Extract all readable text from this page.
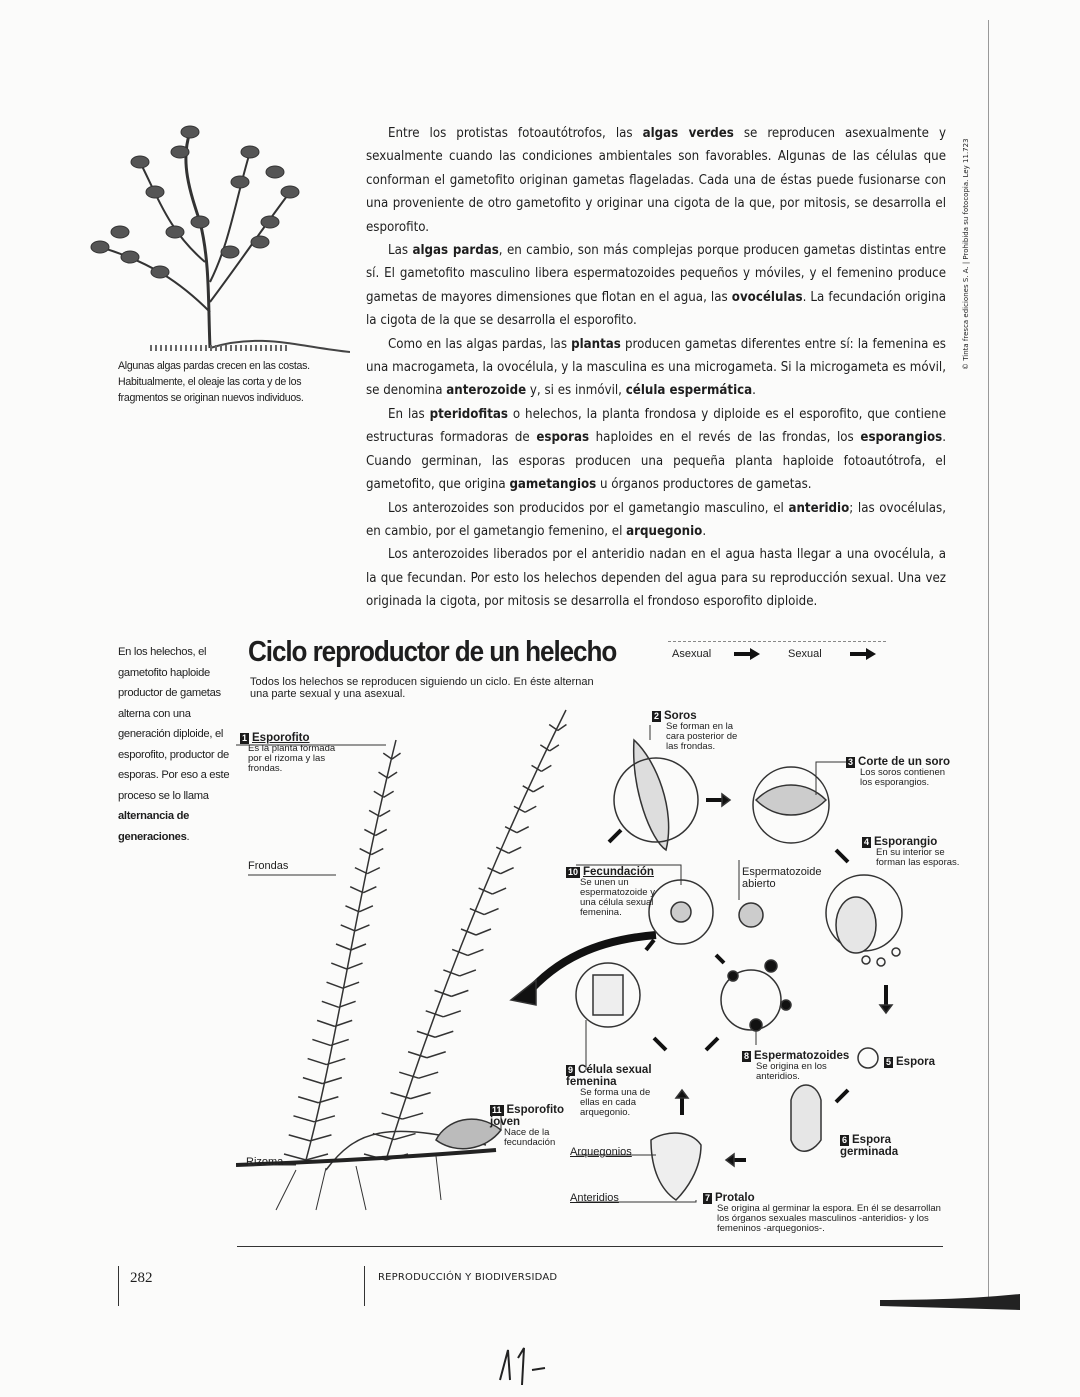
Entre los protistas fotoautótrofos, las algas verdes se reproducen asexualmente y sexualmente cuando las condiciones ambientales son favorables. Algunas de las células que conforman el gametofito originan gametas flageladas. Cada una de éstas puede fusionarse con una proveniente de otro gametofito y originar una cigota de la que, por mitosis, se desarrolla el esporofito.

Las algas pardas, en cambio, son más complejas porque producen gametas distintas entre sí. El gametofito masculino libera espermatozoides pequeños y móviles, y el femenino produce gametas de mayores dimensiones que flotan en el agua, las ovocélulas. La fecundación origina la cigota de la que se desarrolla el esporofito.

Como en las algas pardas, las plantas producen gametas diferentes entre sí: la femenina es una macrogameta, la ovocélula, y la masculina es una microgameta. Si la microgameta es móvil, se denomina anterozoide y, si es inmóvil, célula espermática.

En las pteridofitas o helechos, la planta frondosa y diploide es el esporofito, que contiene estructuras formadoras de esporas haploides en el revés de las frondas, los esporangios. Cuando germinan, las esporas producen una pequeña planta haploide fotoautótrofa, el gametofito, que origina gametangios u órganos productores de gametas.

Los anterozoides son producidos por el gametangio masculino, el anteridio; las ovocélulas, en cambio, por el gametangio femenino, el arquegonio.

Los anterozoides liberados por el anteridio nadan en el agua hasta llegar a una ovocélula, a la que fecundan. Por esto los helechos dependen del agua para su reproducción sexual. Una vez originada la cigota, por mitosis se desarrolla el frondoso esporofito diploide.

Algunas algas pardas crecen en las costas. Habitualmente, el oleaje las corta y de los fragmentos se originan nuevos individuos.
En los helechos, el gametofito haploide productor de gametas alterna con una generación diploide, el esporofito, productor de esporas. Por eso a este proceso se lo llama alternancia de generaciones.
Ciclo reproductor de un helecho
Todos los helechos se reproducen siguiendo un ciclo. En éste alternan una parte sexual y una asexual.
Asexual	Sexual
1 Esporofito
Es la planta formada por el rizoma y las frondas.
Frondas
Rizoma
2 Soros
Se forman en la cara posterior de las frondas.
3 Corte de un soro
Los soros contienen los esporangios.
4 Esporangio
En su interior se forman las esporas.
5 Espora
6 Espora germinada
7 Protalo
Se origina al germinar la espora. En él se desarrollan los órganos sexuales masculinos -anteridios- y los femeninos -arquegonios-.
8 Espermatozoides
Se origina en los anteridios.
9 Célula sexual femenina
Se forma una de ellas en cada arquegonio.
10 Fecundación
Se unen un espermatozoide y una célula sexual femenina.
11 Esporofito joven
Nace de la fecundación
Espermatozoide abierto
Arquegonios
Anteridios
© Tinta fresca ediciones S. A. | Prohibida su fotocopia. Ley 11.723
282	REPRODUCCIÓN Y BIODIVERSIDAD
